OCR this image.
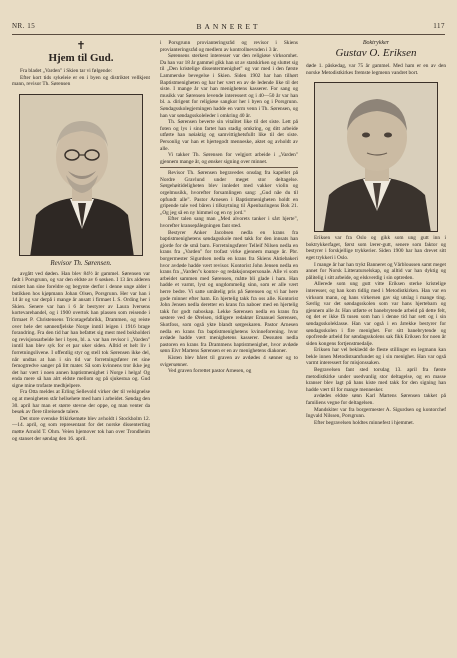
NR. 15	BANNERET	117
✝
Hjem til Gud.

Fra bladet „Varden" i Skien tar vi følgende:

Efter kort tids sykeleie er en i byen og distriktet vellkjent mann, revisor Th. Sørensen

Revisor Th. Sørensen.

avgått ved døden. Han blev 84½ år gammel. Sørensen var født i Porsgrunn, og var den eldste av 6 søsken. I 13 års alderen mistet han sine foreldre og begynte derfor i denne unge alder i butikken hos kjøpmann Johan Olsen, Porsgrunn. Her var han i 14 år og var derpå i mange år ansatt i firmaet I. S. Ording her i Skien. Senere var han i 6 år bestyrer av Laura Iversens kortevarehandel, og i 1900 overtok han plassen som reisende i firmaet P. Christensens Tricotagefabrikk, Drammen, og reiste over hele det sønnenfjelske Norge inntil leigen i 1916 brage forandring. Fra den tid har han befattet sig mest med bokholderi og revisjonsarbeide her i byen, bl. a. var han revisor i „Varden" inntil han blev syk for et par uker siden. Alltid et helt liv i forretningslivene. I offentlig styr og stell tok Sørensen ikke del, når undtas at han i sin tid var forretningsfører ret sine femogtredve sanger på litt mater. Så som kvinnens tror ikke jeg det har vært i noen annen baptistmenighet i Norge i helga! Og enda mere så han alrt eldste mellom og på sjukestua og. Gud signe mine trofaste medhjelpere.

Fra Otta meldes at Erling Sellevold virker der til velsignelse og at menigheten står hellsehete med ham i arbeidet. Søndag den 30. april har man et større stevne der oppe, og man venter da besøk av flere tilreisende talere.

Det store svenske frikirkemøte blev avholdt i Stockholm 12.—14. april, og som representant for det norske dissenterting møtte Arnold T. Ohrn. Veien hjemover tok han over Trondheim og stanset der søndag den 16. april.

i Porsgrunn provianteringsråd og revisor i Skiens provianteringsråd og medlem av kontrollnevnden i 3 år.

Sørensens sterkest interesser var den religiøse virksomhet. Da han var 18 år gammel gikk han ut av statskirken og sluttet sig til „Den kristelige dissentermenighet" og var med i den første Lammerske bevegelse i Skien. Siden 1902 har han tilhørt Baptistmenigheten og har her vært en av de ledende like til det siste. I mange år var han menighetens kasserer. For sang og musikk var Sørensen levende interessert og i 40—50 år var han bl. a. dirigent for religiøse sangkor her i byen og i Porsgrunn. Søndagsskolegjerningen hadde en varm venn i Th. Sørensen, og han var søndagsskoleleder i omkring 40 år.

Th. Sørensen beverte sin vitalitet like til det siste. Lett på foten og lys i sinn fartet han stadig omkring, og ditt arbeide utførte han nøiaktig og samvittighetsfullt like til det siste. Personlig var han et hjertegodt menneske, aktet og avholdt av alle.

Vi takker Th. Sørensen for velgjort arbeide i „Varden" gjennem mange år, og ønsker signing over minnet.

Revisor Th. Sørensen begravedes onsdag fra kapellet på Nordre Gravlund under meget stor deltagelse. Sørgehøitideligheten blev innledet med vakker violin og orgelmusikk, hvorefter forsamlingen sang: „Gud nåe du til opfundt alle". Pastor Arnesen i Baptistmenigheten holdt en gripende tale ved båren i tilknytning til Åpenbaringens Bok 21. „Og jeg så en ny himmel og en ny jord."

Efter talen sang man „Med alvorets tanker i sårt hjerte", hvorefter kransepålegningen fant sted.

Bestyrer Anker Jacobsen nedla en krans fra baptistmenighetens søndagsskole med takk for den innsats han gjorde for de små barn. Forretningsfører Telleif Nilsen nedla en krans fra „Varden" for trofast virke gjennem mange år. Pbr. borgermester Sigurdsen nedla en krans fra Skiens Aktiebakeri hvor avdøde hadde vært revisor. Kontorist John Jensen nedla en krans fra „Varden"s kontor- og redaksjonspersonale. Alle vi som arbeidet sammen med Sørensen, måtte bli glade i ham. Han hadde et varmt, lyst og ungdommelig sinn, som er alle vært herre bedre. Vi satte umåtelig pris på Sørensen og vi har here gode minner efter ham. En hjertelig takk fra oss alle. Kontorist John Jensen nedla deretter en krans fra naboer med en hjertelig takk for godt naboskap. Lekke Sørensen nedla en krans fra søstere ved de Ørelsen, tidligere redaktør Emanuel Sørensen, Skotfoss, som også ykte blandt sørgeskaren. Pastor Arnesen nedla en krans fra baptistmenighetens kvinneforening. hvor avdøde hadde vært menighetens kasserer. Dessuten nedla pastoren en krans fra Drammens baptistmenighet, hvor avdøde sønn Eivr Martens Sørensen er en av menighetens diakoner.

Kisten blev båret til graven av avdødes 4 sønner og to svigersønner.

Ved graven forrettet pastor Arnesen, og

Boktrykker
Gustav O. Eriksen

døde 1. påskedag, var 75 år gammel. Med ham er en av den norske Metodistkirkes fremste legmenn vandret bort.

Eriksen var fra Oslo og gikk som ung gutt inn i boktrykkerfaget, først som lærer-gutt, senere som faktor og bestyrer i forskjellige trykkerier. Siden 1900 har han drevet sitt eget trykkeri i Oslo.

I mange år har han trykt Banneret og Vårbloussen samt meget annet for Norsk Litteraturselskap, og alltid var han dyktig og pålitelig i sitt arbeide, og elskverdig i sin optreden.

Allerede som ung gutt vitte Eriksen sterke kristelige interesser, og han kom tidlig med i Metodistkirken. Han var en virksom mann, og hans virkersen gav sig utslag i mange ting. Særlig var det søndagsskolen som var hans hjertebarn og gjennem alle år. Han utførte et banebrytende arbeid på dette felt, og det er ikke få tusen som han i denne tid har sett og i sin søndagsskoleklasse. Han var også i en årrekke bestyrer for søndagsskolen i fire menighet. For sitt banebrytende og opofrende arbeid for søndagsskolens sak fikk Eriksen for noen år siden kongens fortjenstmedalje.

Eriksen har vel beklædd de fleste stillinger en legmann kan bekle innen Metodistsamfundet og i sin menighet. Han var også varmt interessert for misjonssaken.

Begravelsen fant sted torsdag 13. april fra første metodistkirke under usedvanlig stor deltagelse, og en masse kranser blev lagt på hans kiste med takk for den signing han hadde vært til for mange mennesker.

avdødes eldste sønn Karl Martens Sørensen takket på familiens vegne for deltagelsen.

Mandskiter var fra borgermester A. Sigurdsen og kontorchef Ingvald Nilssen, Porsgrunn.

Efter begravelsen holdtes minnefest i hjemmet.
